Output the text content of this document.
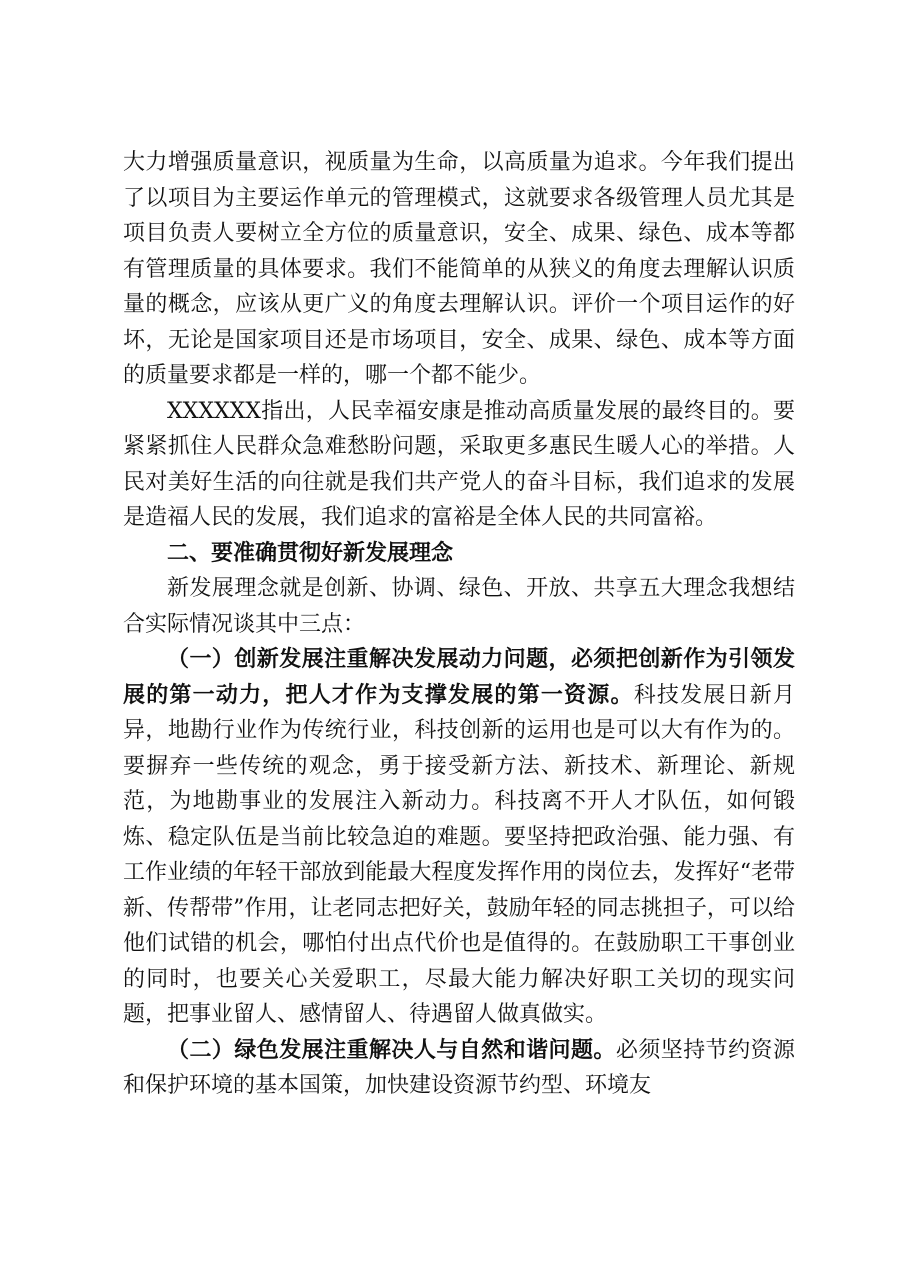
大力增强质量意识，视质量为生命，以高质量为追求。今年我们提出了以项目为主要运作单元的管理模式，这就要求各级管理人员尤其是项目负责人要树立全方位的质量意识，安全、成果、绿色、成本等都有管理质量的具体要求。我们不能简单的从狭义的角度去理解认识质量的概念，应该从更广义的角度去理解认识。评价一个项目运作的好坏，无论是国家项目还是市场项目，安全、成果、绿色、成本等方面的质量要求都是一样的，哪一个都不能少。

XXXXXX指出，人民幸福安康是推动高质量发展的最终目的。要紧紧抓住人民群众急难愁盼问题，采取更多惠民生暖人心的举措。人民对美好生活的向往就是我们共产党人的奋斗目标，我们追求的发展是造福人民的发展，我们追求的富裕是全体人民的共同富裕。

二、要准确贯彻好新发展理念

新发展理念就是创新、协调、绿色、开放、共享五大理念我想结合实际情况谈其中三点：

（一）创新发展注重解决发展动力问题，必须把创新作为引领发展的第一动力，把人才作为支撑发展的第一资源。科技发展日新月异，地勘行业作为传统行业，科技创新的运用也是可以大有作为的。要摒弃一些传统的观念，勇于接受新方法、新技术、新理论、新规范，为地勘事业的发展注入新动力。科技离不开人才队伍，如何锻炼、稳定队伍是当前比较急迫的难题。要坚持把政治强、能力强、有工作业绩的年轻干部放到能最大程度发挥作用的岗位去，发挥好“老带新、传帮带”作用，让老同志把好关，鼓励年轻的同志挑担子，可以给他们试错的机会，哪怕付出点代价也是值得的。在鼓励职工干事创业的同时，也要关心关爱职工，尽最大能力解决好职工关切的现实问题，把事业留人、感情留人、待遇留人做真做实。

（二）绿色发展注重解决人与自然和谐问题。必须坚持节约资源和保护环境的基本国策，加快建设资源节约型、环境友
